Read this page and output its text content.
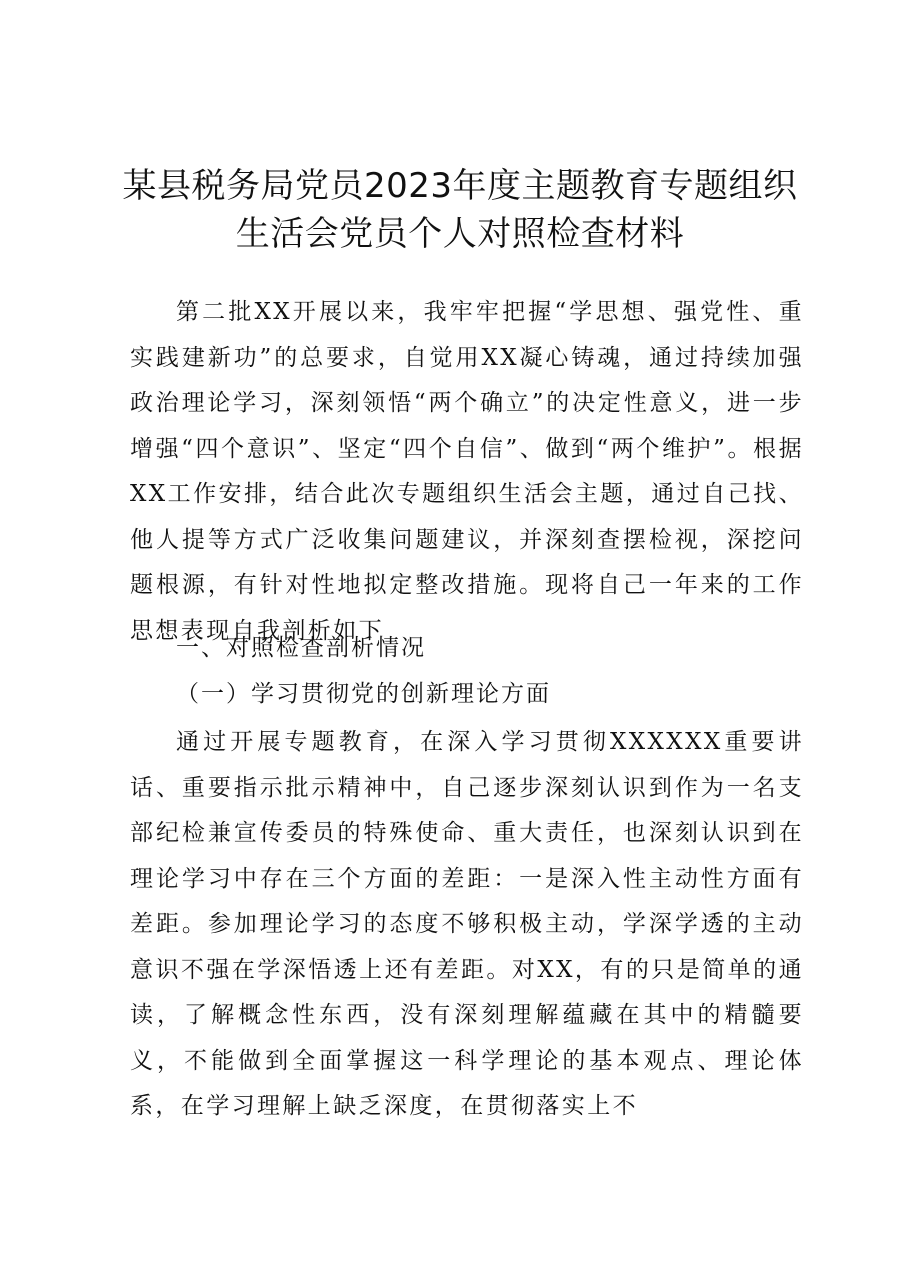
某县税务局党员2023年度主题教育专题组织生活会党员个人对照检查材料

第二批XX开展以来，我牢牢把握“学思想、强党性、重实践建新功”的总要求，自觉用XX凝心铸魂，通过持续加强政治理论学习，深刻领悟“两个确立”的决定性意义，进一步增强“四个意识”、坚定“四个自信”、做到“两个维护”。根据XX工作安排，结合此次专题组织生活会主题，通过自己找、他人提等方式广泛收集问题建议，并深刻查摆检视，深挖问题根源，有针对性地拟定整改措施。现将自己一年来的工作思想表现自我剖析如下

一、对照检查剖析情况
（一）学习贯彻党的创新理论方面

通过开展专题教育，在深入学习贯彻XXXXXX重要讲话、重要指示批示精神中，自己逐步深刻认识到作为一名支部纪检兼宣传委员的特殊使命、重大责任，也深刻认识到在理论学习中存在三个方面的差距：一是深入性主动性方面有差距。参加理论学习的态度不够积极主动，学深学透的主动意识不强在学深悟透上还有差距。对XX，有的只是简单的通读，了解概念性东西，没有深刻理解蕴藏在其中的精髓要义，不能做到全面掌握这一科学理论的基本观点、理论体系，在学习理解上缺乏深度，在贯彻落实上不
